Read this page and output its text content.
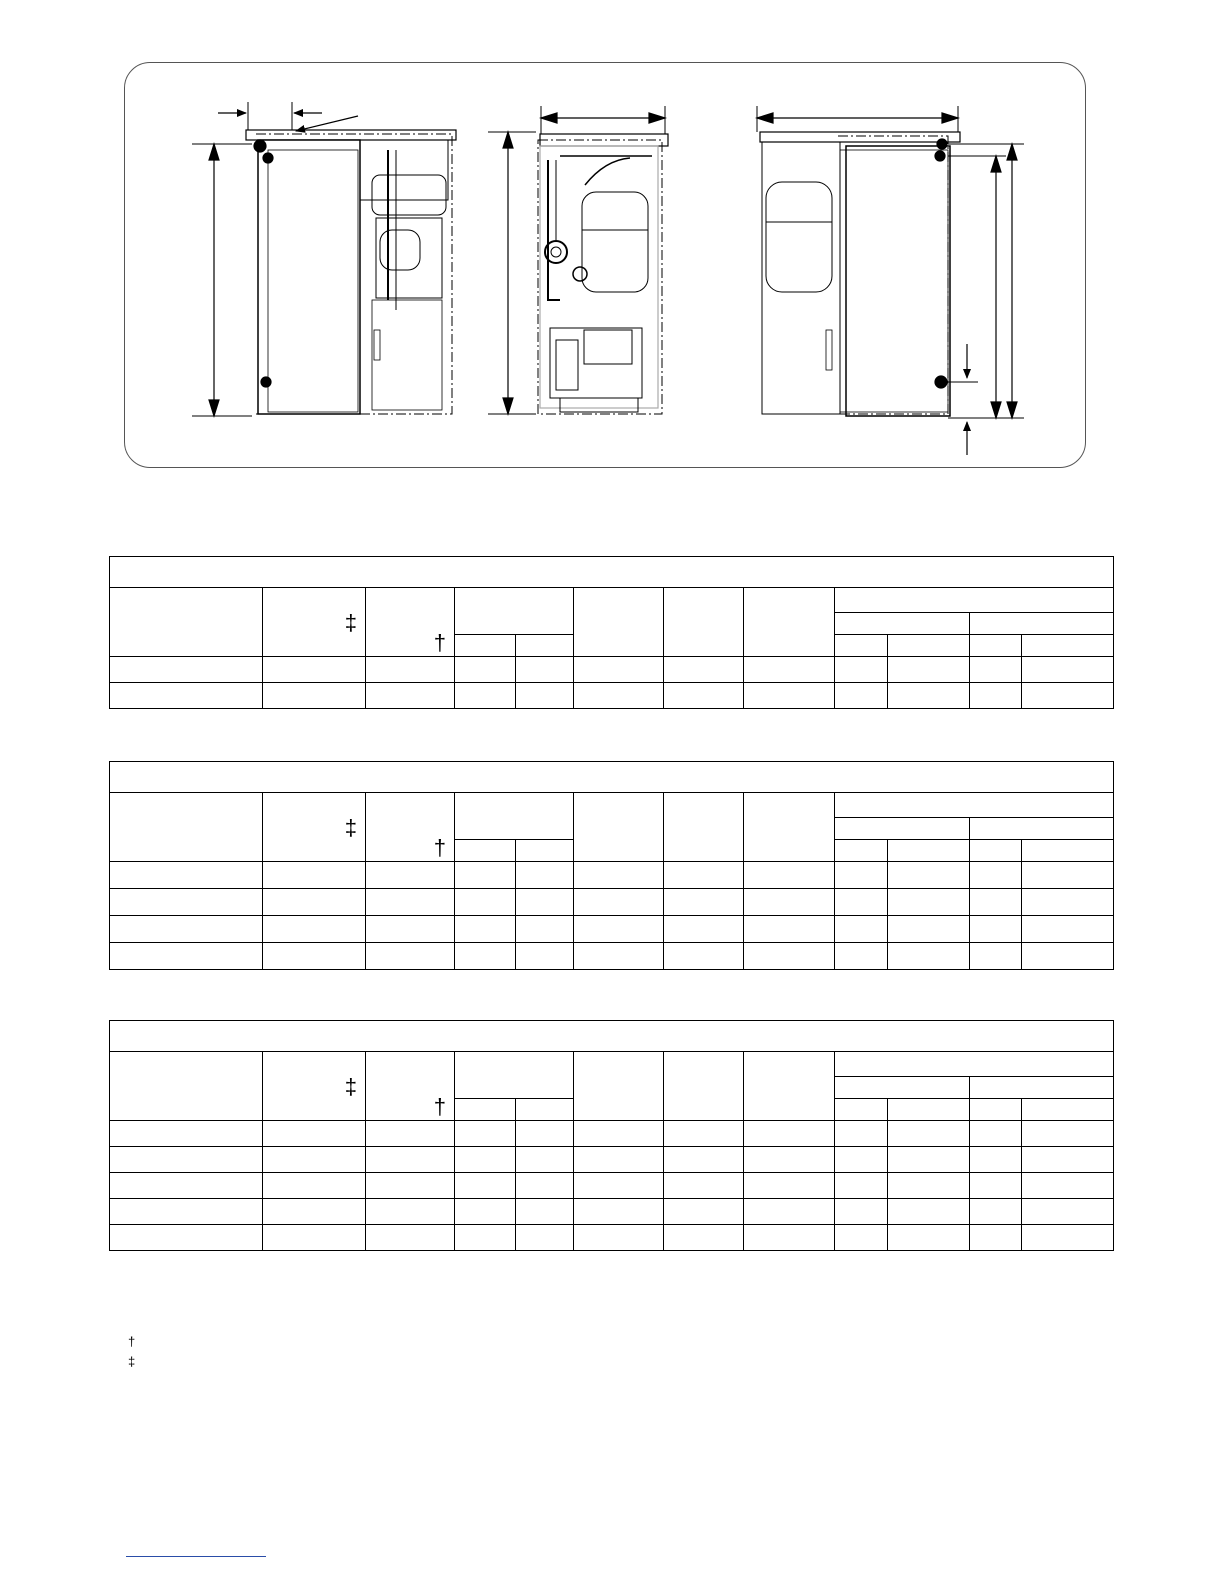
	‡	†									

	‡	†									

	‡	†									

†
‡
